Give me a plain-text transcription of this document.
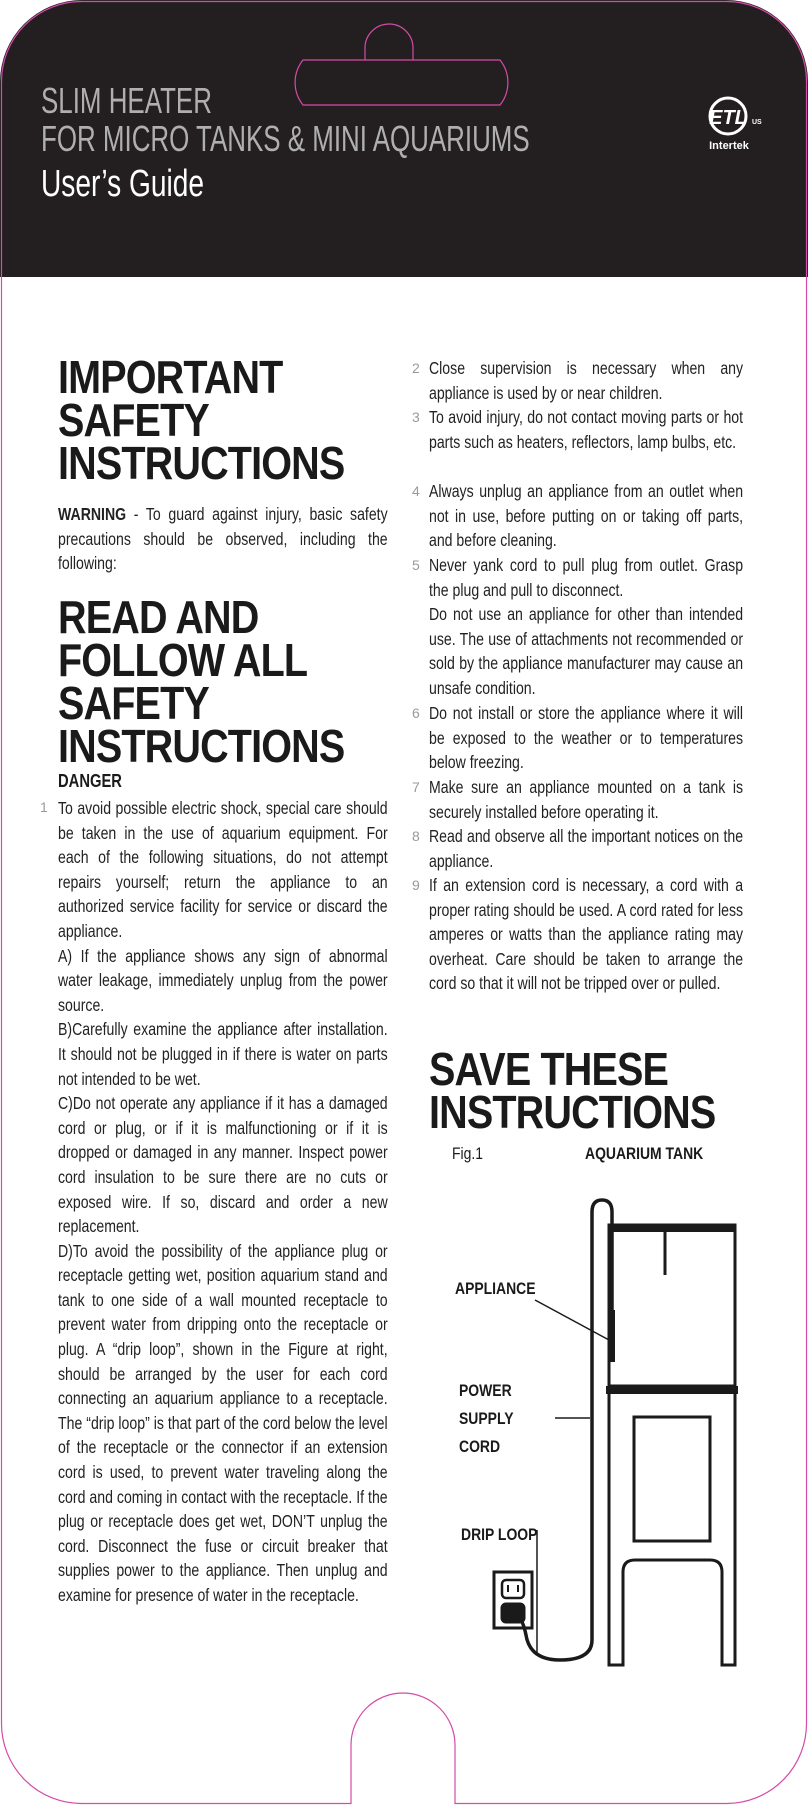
SLIM HEATER
FOR MICRO TANKS & MINI AQUARIUMS
User’s Guide
ETL US
Intertek
IMPORTANT
SAFETY
INSTRUCTIONS
WARNING - To guard against injury, basic safety precautions should be observed, including the following:
READ AND
FOLLOW ALL
SAFETY
INSTRUCTIONS
DANGER
1 To avoid possible electric shock, special care should be taken in the use of aquarium equipment. For each of the following situations, do not attempt repairs yourself; return the appliance to an authorized service facility for service or discard the appliance.
A) If the appliance shows any sign of abnormal water leakage, immediately unplug from the power source.
B)Carefully examine the appliance after installation. It should not be plugged in if there is water on parts not intended to be wet.
C)Do not operate any appliance if it has a damaged cord or plug, or if it is malfunctioning or if it is dropped or damaged in any manner. Inspect power cord insulation to be sure there are no cuts or exposed wire. If so, discard and order a new replacement.
D)To avoid the possibility of the appliance plug or receptacle getting wet, position aquarium stand and tank to one side of a wall mounted receptacle to prevent water from dripping onto the receptacle or plug. A “drip loop”, shown in the Figure at right, should be arranged by the user for each cord connecting an aquarium appliance to a receptacle. The “drip loop” is that part of the cord below the level of the receptacle or the connector if an extension cord is used, to prevent water traveling along the cord and coming in contact with the receptacle. If the plug or receptacle does get wet, DON’T unplug the cord. Disconnect the fuse or circuit breaker that supplies power to the appliance. Then unplug and examine for presence of water in the receptacle.
2 Close supervision is necessary when any appliance is used by or near children.
3 To avoid injury, do not contact moving parts or hot parts such as heaters, reflectors, lamp bulbs, etc.
4 Always unplug an appliance from an outlet when not in use, before putting on or taking off parts, and before cleaning.
5 Never yank cord to pull plug from outlet. Grasp the plug and pull to disconnect.
Do not use an appliance for other than intended use. The use of attachments not recommended or sold by the appliance manufacturer may cause an unsafe condition.
6 Do not install or store the appliance where it will be exposed to the weather or to temperatures below freezing.
7 Make sure an appliance mounted on a tank is securely installed before operating it.
8 Read and observe all the important notices on the appliance.
9 If an extension cord is necessary, a cord with a proper rating should be used. A cord rated for less amperes or watts than the appliance rating may overheat. Care should be taken to arrange the cord so that it will not be tripped over or pulled.
SAVE THESE
INSTRUCTIONS
Fig.1	AQUARIUM TANK
APPLIANCE
POWER
SUPPLY
CORD
DRIP LOOP
